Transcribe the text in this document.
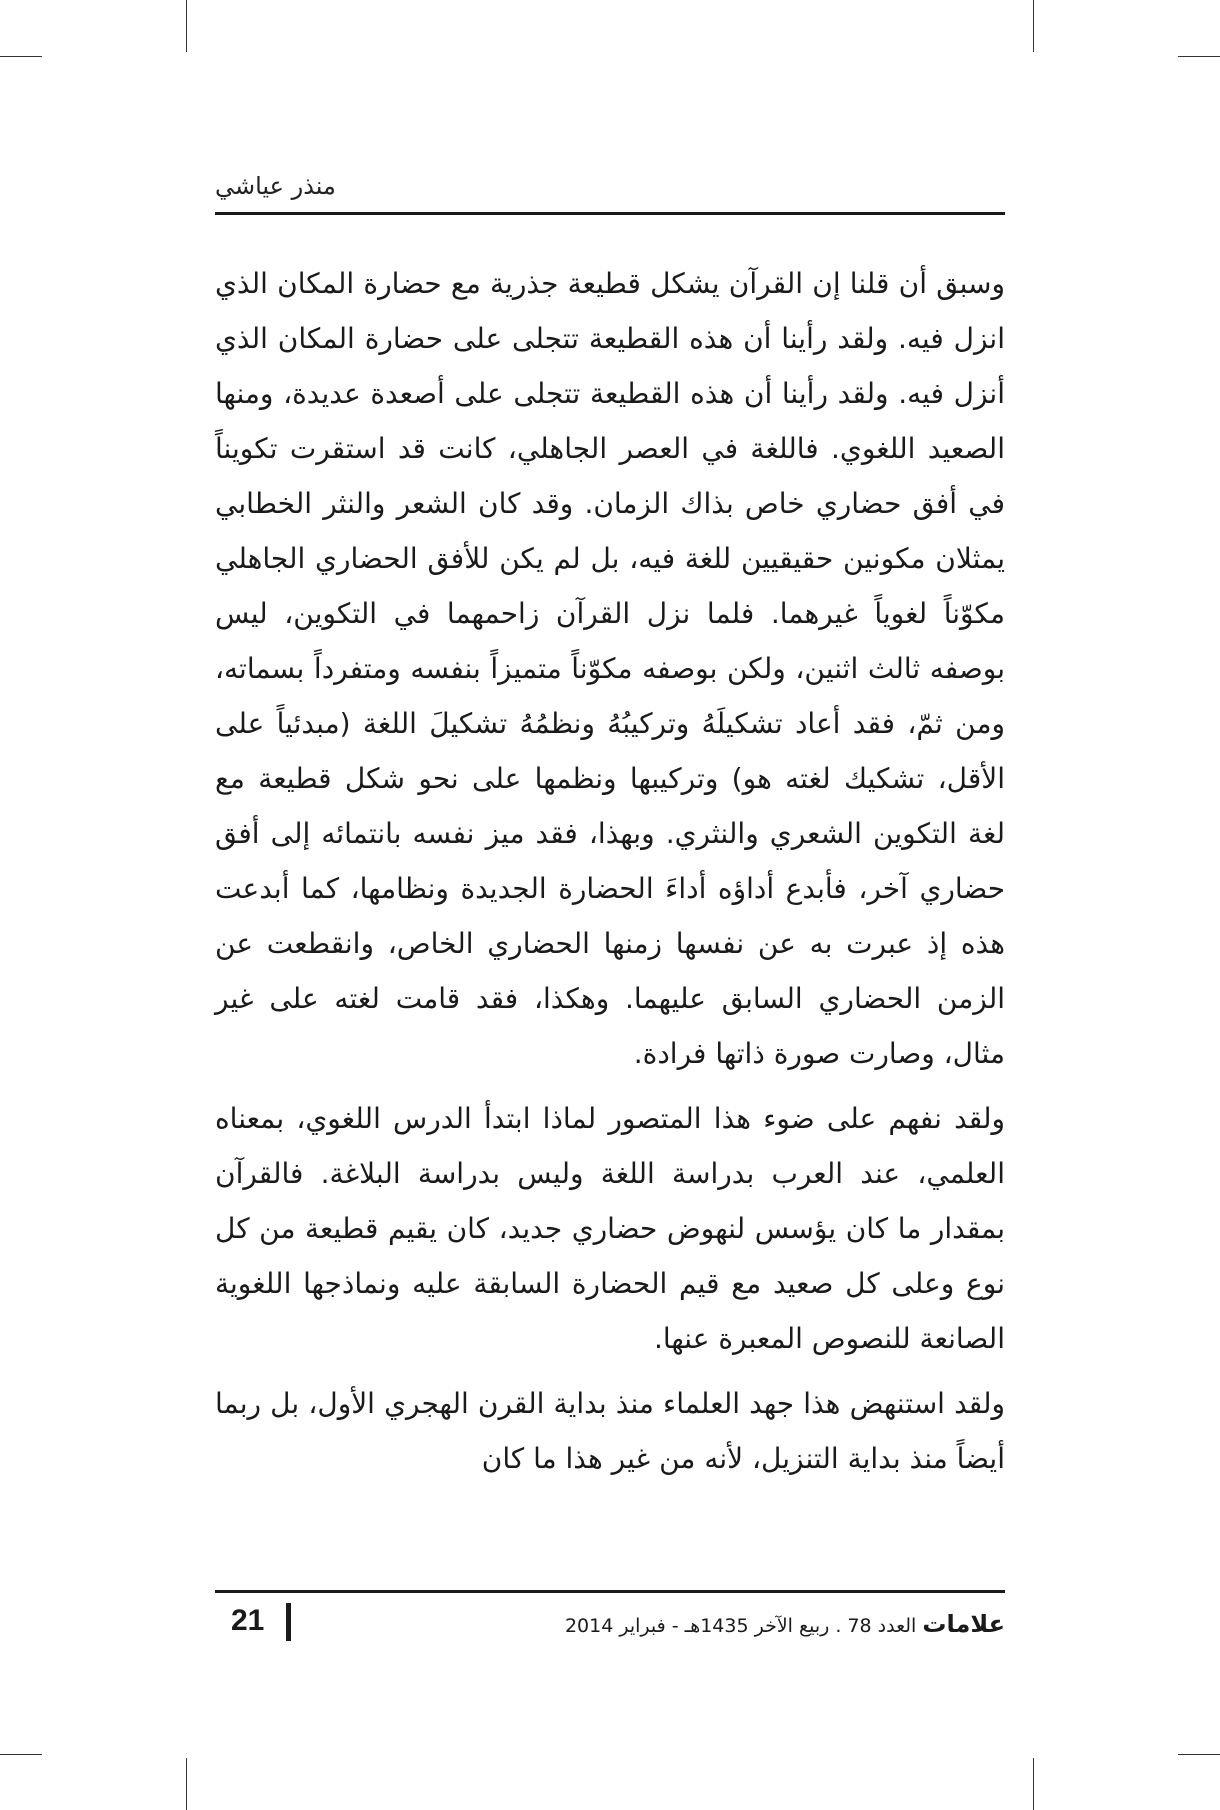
منذر عياشي

وسبق أن قلنا إن القرآن يشكل قطيعة جذرية مع حضارة المكان الذي انزل فيه. ولقد رأينا أن هذه القطيعة تتجلى على حضارة المكان الذي أنزل فيه. ولقد رأينا أن هذه القطيعة تتجلى على أصعدة عديدة، ومنها الصعيد اللغوي. فاللغة في العصر الجاهلي، كانت قد استقرت تكويناً في أفق حضاري خاص بذاك الزمان. وقد كان الشعر والنثر الخطابي يمثلان مكونين حقيقيين للغة فيه، بل لم يكن للأفق الحضاري الجاهلي مكوّناً لغوياً غيرهما. فلما نزل القرآن زاحمهما في التكوين، ليس بوصفه ثالث اثنين، ولكن بوصفه مكوّناً متميزاً بنفسه ومتفرداً بسماته، ومن ثمّ، فقد أعاد تشكيلَهُ وتركيبُهُ ونظمُهُ تشكيلَ اللغة (مبدئياً على الأقل، تشكيك لغته هو) وتركيبها ونظمها على نحو شكل قطيعة مع لغة التكوين الشعري والنثري. وبهذا، فقد ميز نفسه بانتمائه إلى أفق حضاري آخر، فأبدع أداؤه أداءَ الحضارة الجديدة ونظامها، كما أبدعت هذه إذ عبرت به عن نفسها زمنها الحضاري الخاص، وانقطعت عن الزمن الحضاري السابق عليهما. وهكذا، فقد قامت لغته على غير مثال، وصارت صورة ذاتها فرادة.

ولقد نفهم على ضوء هذا المتصور لماذا ابتدأ الدرس اللغوي، بمعناه العلمي، عند العرب بدراسة اللغة وليس بدراسة البلاغة. فالقرآن بمقدار ما كان يؤسس لنهوض حضاري جديد، كان يقيم قطيعة من كل نوع وعلى كل صعيد مع قيم الحضارة السابقة عليه ونماذجها اللغوية الصانعة للنصوص المعبرة عنها.

ولقد استنهض هذا جهد العلماء منذ بداية القرن الهجري الأول، بل ربما أيضاً منذ بداية التنزيل، لأنه من غير هذا ما كان

21	علامات العدد 78 . ربيع الآخر 1435هـ - فبراير 2014
